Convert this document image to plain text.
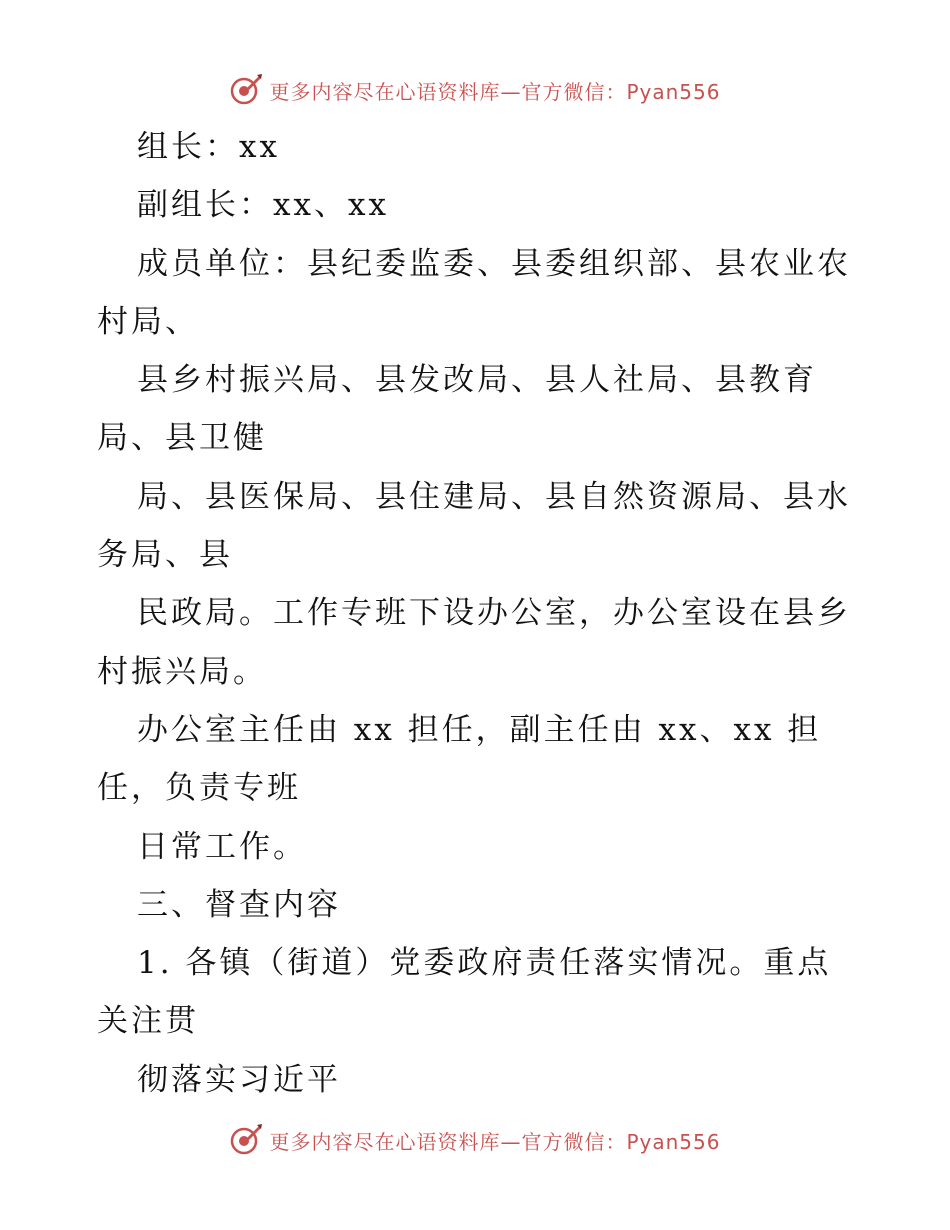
更多内容尽在心语资料库—官方微信：Pyan556
组长：xx
副组长：xx、xx
成员单位：县纪委监委、县委组织部、县农业农
村局、
县乡村振兴局、县发改局、县人社局、县教育
局、县卫健
局、县医保局、县住建局、县自然资源局、县水
务局、县
民政局。工作专班下设办公室，办公室设在县乡
村振兴局。
办公室主任由 xx 担任，副主任由 xx、xx 担
任，负责专班
日常工作。
三、督查内容
1. 各镇（街道）党委政府责任落实情况。重点
关注贯
彻落实习近平
更多内容尽在心语资料库—官方微信：Pyan556
